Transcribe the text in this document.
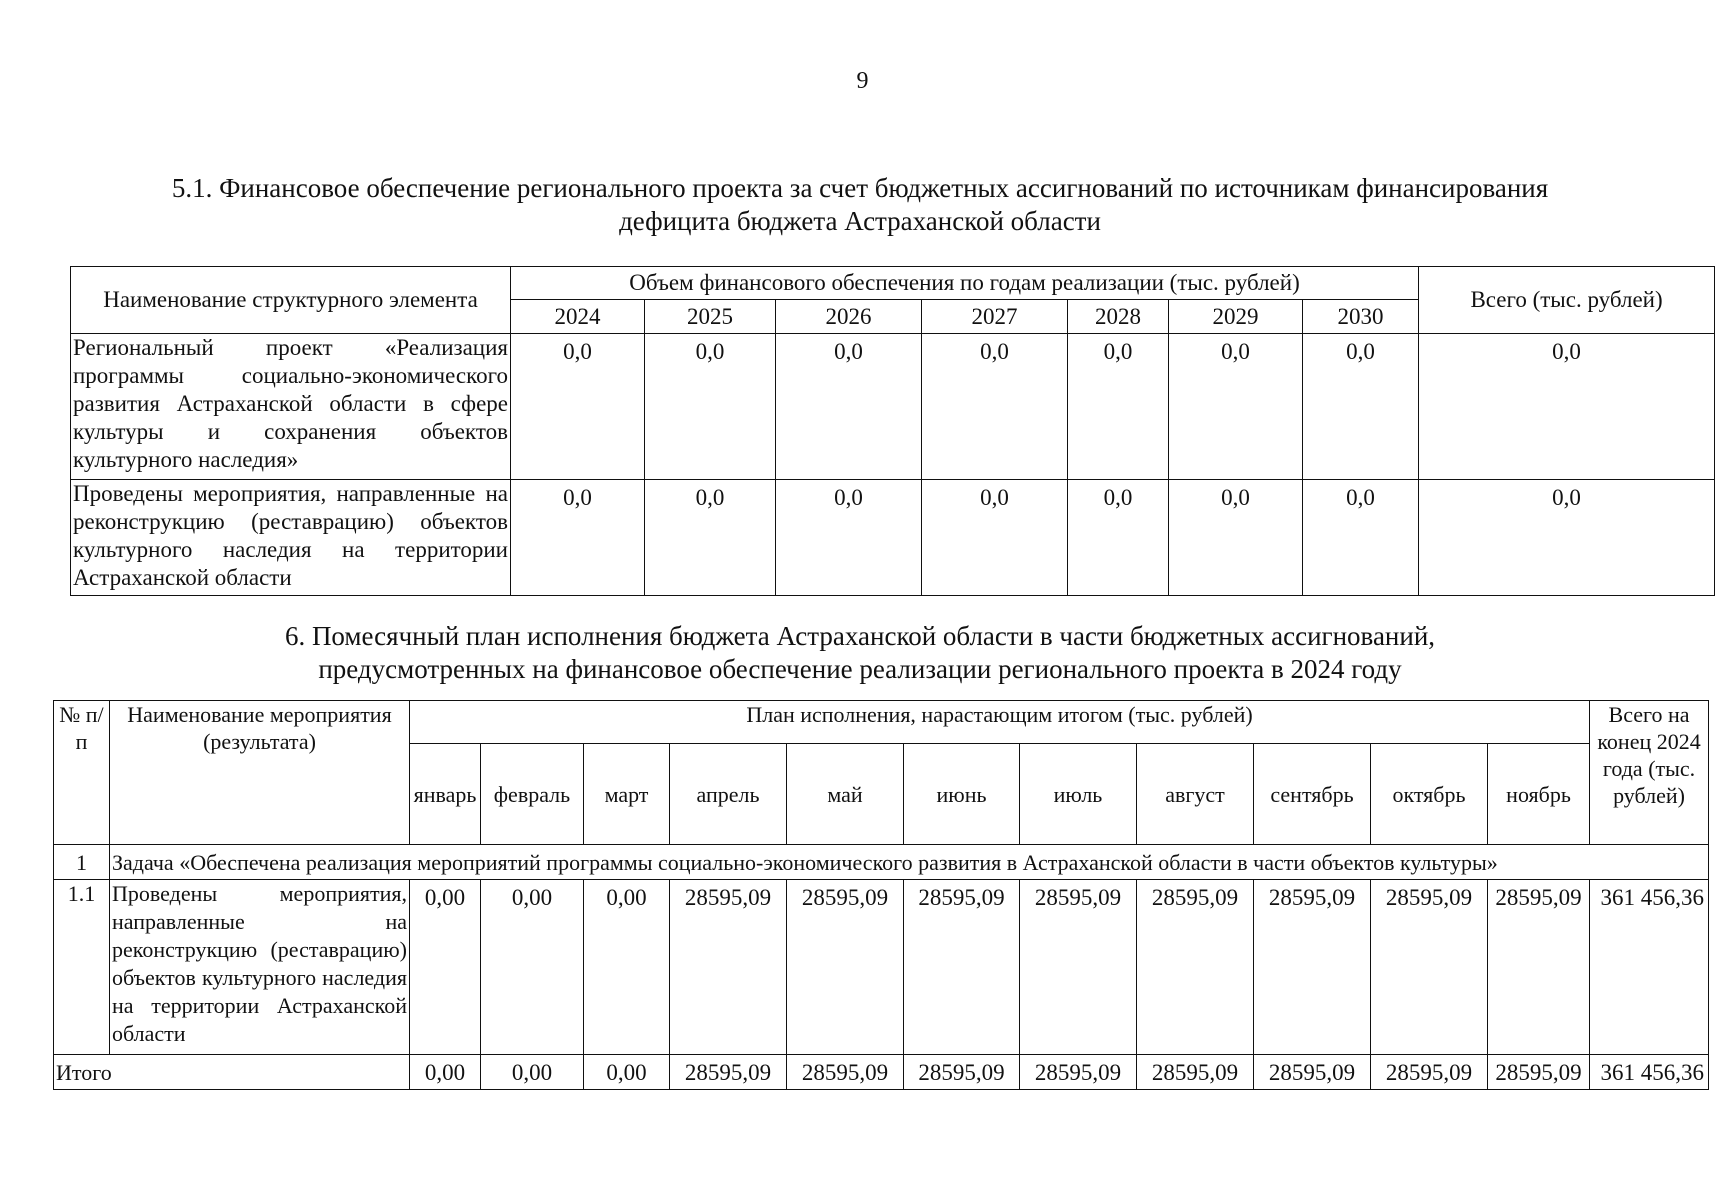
9
5.1. Финансовое обеспечение регионального проекта за счет бюджетных ассигнований по источникам финансирования
дефицита бюджета Астраханской области
Наименование структурного элемента	Объем финансового обеспечения по годам реализации (тыс. рублей)							Всего (тыс. рублей)
	2024	2025	2026	2027	2028	2029	2030	
Региональный проект «Реализация программы социально-экономического развития Астраханской области в сфере культуры и сохранения объектов культурного наследия»	0,0	0,0	0,0	0,0	0,0	0,0	0,0	0,0
Проведены мероприятия, направленные на реконструкцию (реставрацию) объектов культурного наследия на территории Астраханской области	0,0	0,0	0,0	0,0	0,0	0,0	0,0	0,0
6. Помесячный план исполнения бюджета Астраханской области в части бюджетных ассигнований,
предусмотренных на финансовое обеспечение реализации регионального проекта в 2024 году
№ п/п	Наименование мероприятия (результата)	План исполнения, нарастающим итогом (тыс. рублей)											Всего на конец 2024 года (тыс. рублей)
		январь	февраль	март	апрель	май	июнь	июль	август	сентябрь	октябрь	ноябрь	
1	Задача «Обеспечена реализация мероприятий программы социально-экономического развития в Астраханской области в части объектов культуры»												
1.1	Проведены мероприятия, направленные на реконструкцию (реставрацию) объектов культурного наследия на территории Астраханской области	0,00	0,00	0,00	28595,09	28595,09	28595,09	28595,09	28595,09	28595,09	28595,09	28595,09	361 456,36
Итого		0,00	0,00	0,00	28595,09	28595,09	28595,09	28595,09	28595,09	28595,09	28595,09	28595,09	361 456,36
